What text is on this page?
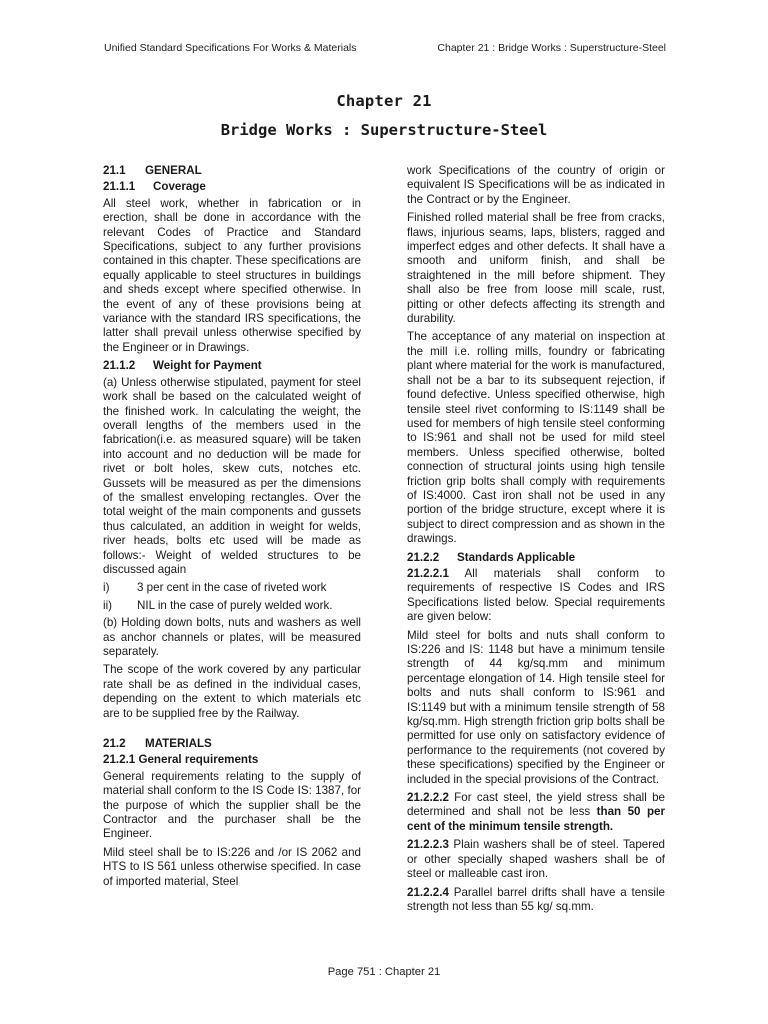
Unified Standard Specifications For Works & Materials	Chapter 21 : Bridge Works : Superstructure-Steel
Chapter 21
Bridge Works : Superstructure-Steel
21.1 GENERAL
21.1.1 Coverage

All steel work, whether in fabrication or in erection, shall be done in accordance with the relevant Codes of Practice and Standard Specifications, subject to any further provisions contained in this chapter. These specifications are equally applicable to steel structures in buildings and sheds except where specified otherwise. In the event of any of these provisions being at variance with the standard IRS specifications, the latter shall prevail unless otherwise specified by the Engineer or in Drawings.

21.1.2 Weight for Payment

(a) Unless otherwise stipulated, payment for steel work shall be based on the calculated weight of the finished work. In calculating the weight, the overall lengths of the members used in the fabrication(i.e. as measured square) will be taken into account and no deduction will be made for rivet or bolt holes, skew cuts, notches etc. Gussets will be measured as per the dimensions of the smallest enveloping rectangles. Over the total weight of the main components and gussets thus calculated, an addition in weight for welds, river heads, bolts etc used will be made as follows:- Weight of welded structures to be discussed again

i)	3 per cent in the case of riveted work
ii)	NIL in the case of purely welded work.

(b) Holding down bolts, nuts and washers as well as anchor channels or plates, will be measured separately.

The scope of the work covered by any particular rate shall be as defined in the individual cases, depending on the extent to which materials etc are to be supplied free by the Railway.

21.2 MATERIALS
21.2.1 General requirements

General requirements relating to the supply of material shall conform to the IS Code IS: 1387, for the purpose of which the supplier shall be the Contractor and the purchaser shall be the Engineer.

Mild steel shall be to IS:226 and /or IS 2062 and HTS to IS 561 unless otherwise specified. In case of imported material, Steel

work Specifications of the country of origin or equivalent IS Specifications will be as indicated in the Contract or by the Engineer.

Finished rolled material shall be free from cracks, flaws, injurious seams, laps, blisters, ragged and imperfect edges and other defects. It shall have a smooth and uniform finish, and shall be straightened in the mill before shipment. They shall also be free from loose mill scale, rust, pitting or other defects affecting its strength and durability.

The acceptance of any material on inspection at the mill i.e. rolling mills, foundry or fabricating plant where material for the work is manufactured, shall not be a bar to its subsequent rejection, if found defective. Unless specified otherwise, high tensile steel rivet conforming to IS:1149 shall be used for members of high tensile steel conforming to IS:961 and shall not be used for mild steel members. Unless specified otherwise, bolted connection of structural joints using high tensile friction grip bolts shall comply with requirements of IS:4000. Cast iron shall not be used in any portion of the bridge structure, except where it is subject to direct compression and as shown in the drawings.

21.2.2 Standards Applicable

21.2.2.1 All materials shall conform to requirements of respective IS Codes and IRS Specifications listed below. Special requirements are given below:

Mild steel for bolts and nuts shall conform to IS:226 and IS: 1148 but have a minimum tensile strength of 44 kg/sq.mm and minimum percentage elongation of 14. High tensile steel for bolts and nuts shall conform to IS:961 and IS:1149 but with a minimum tensile strength of 58 kg/sq.mm. High strength friction grip bolts shall be permitted for use only on satisfactory evidence of performance to the requirements (not covered by these specifications) specified by the Engineer or included in the special provisions of the Contract.

21.2.2.2 For cast steel, the yield stress shall be determined and shall not be less than 50 per cent of the minimum tensile strength.

21.2.2.3 Plain washers shall be of steel. Tapered or other specially shaped washers shall be of steel or malleable cast iron.

21.2.2.4 Parallel barrel drifts shall have a tensile strength not less than 55 kg/ sq.mm.

Page 751 : Chapter 21
